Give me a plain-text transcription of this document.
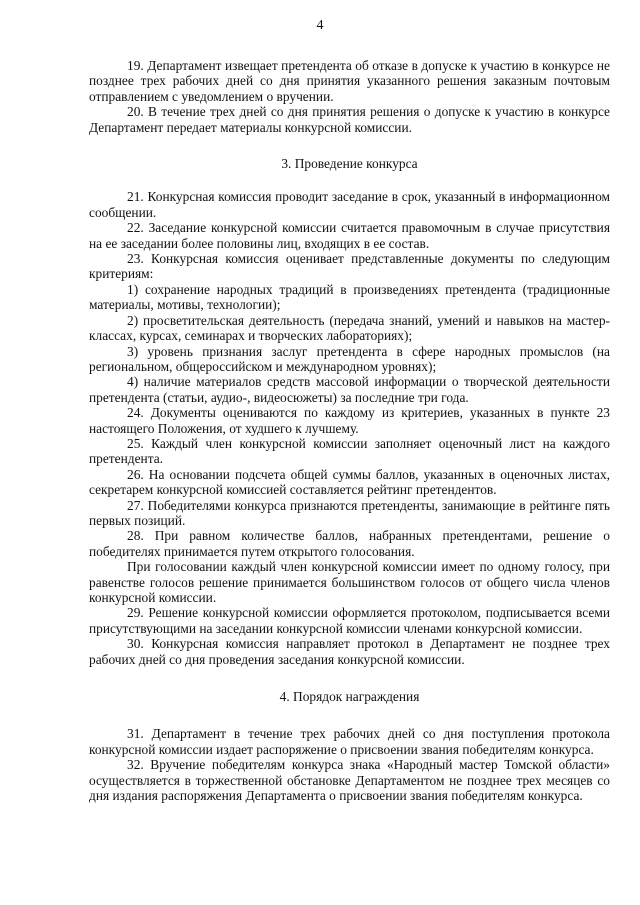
4

19. Департамент извещает претендента об отказе в допуске к участию в конкурсе не позднее трех рабочих дней со дня принятия указанного решения заказным почтовым отправлением с уведомлением о вручении.

20. В течение трех дней со дня принятия решения о допуске к участию в конкурсе Департамент передает материалы конкурсной комиссии.

3. Проведение конкурса

21. Конкурсная комиссия проводит заседание в срок, указанный в информационном сообщении.

22. Заседание конкурсной комиссии считается правомочным в случае присутствия на ее заседании более половины лиц, входящих в ее состав.

23. Конкурсная комиссия оценивает представленные документы по следующим критериям:

1) сохранение народных традиций в произведениях претендента (традиционные материалы, мотивы, технологии);

2) просветительская деятельность (передача знаний, умений и навыков на мастер-классах, курсах, семинарах и творческих лабораториях);

3) уровень признания заслуг претендента в сфере народных промыслов (на региональном, общероссийском и международном уровнях);

4) наличие материалов средств массовой информации о творческой деятельности претендента (статьи, аудио-, видеосюжеты) за последние три года.

24. Документы оцениваются по каждому из критериев, указанных в пункте 23 настоящего Положения, от худшего к лучшему.

25. Каждый член конкурсной комиссии заполняет оценочный лист на каждого претендента.

26. На основании подсчета общей суммы баллов, указанных в оценочных листах, секретарем конкурсной комиссией составляется рейтинг претендентов.

27. Победителями конкурса признаются претенденты, занимающие в рейтинге пять первых позиций.

28. При равном количестве баллов, набранных претендентами, решение о победителях принимается путем открытого голосования.

При голосовании каждый член конкурсной комиссии имеет по одному голосу, при равенстве голосов решение принимается большинством голосов от общего числа членов конкурсной комиссии.

29. Решение конкурсной комиссии оформляется протоколом, подписывается всеми присутствующими на заседании конкурсной комиссии членами конкурсной комиссии.

30. Конкурсная комиссия направляет протокол в Департамент не позднее трех рабочих дней со дня проведения заседания конкурсной комиссии.

4. Порядок награждения

31. Департамент в течение трех рабочих дней со дня поступления протокола конкурсной комиссии издает распоряжение о присвоении звания победителям конкурса.

32. Вручение победителям конкурса знака «Народный мастер Томской области» осуществляется в торжественной обстановке Департаментом не позднее трех месяцев со дня издания распоряжения Департамента о присвоении звания победителям конкурса.
